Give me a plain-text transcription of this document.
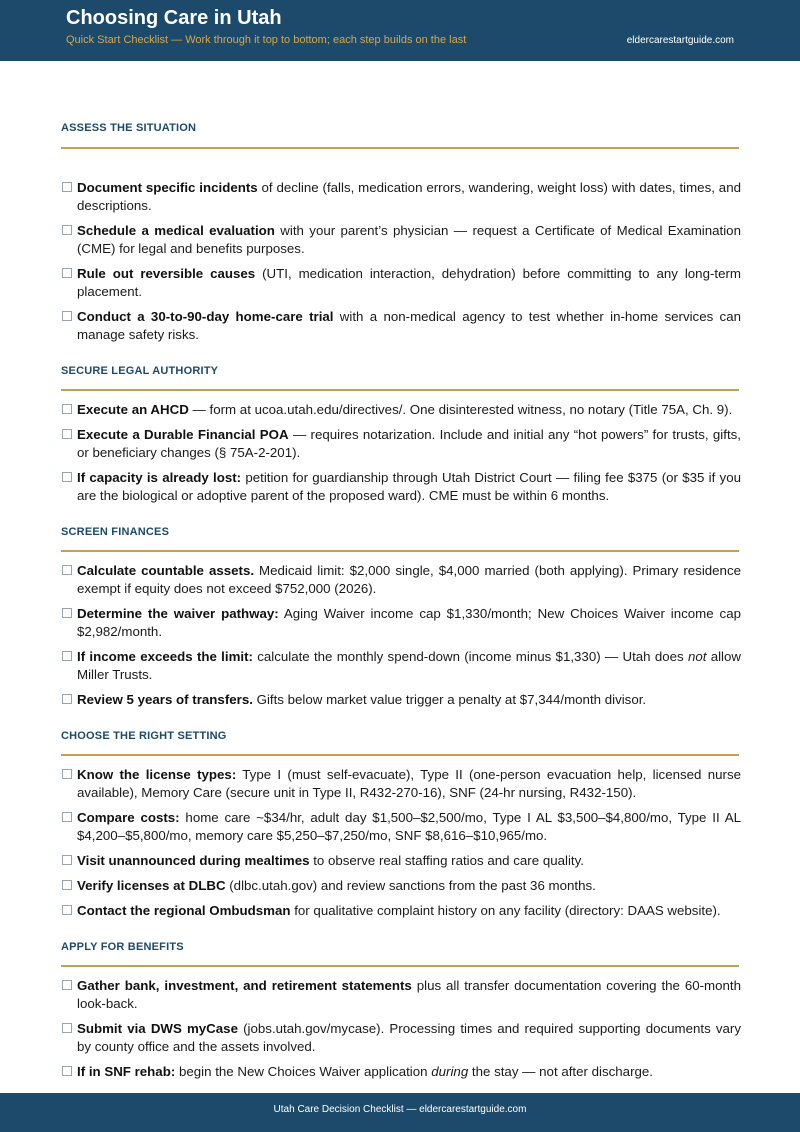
Choosing Care in Utah
Quick Start Checklist — Work through it top to bottom; each step builds on the last	eldercarestartguide.com
ASSESS THE SITUATION
Document specific incidents of decline (falls, medication errors, wandering, weight loss) with dates, times, and descriptions.
Schedule a medical evaluation with your parent’s physician — request a Certificate of Medical Examination (CME) for legal and benefits purposes.
Rule out reversible causes (UTI, medication interaction, dehydration) before committing to any long-term placement.
Conduct a 30-to-90-day home-care trial with a non-medical agency to test whether in-home services can manage safety risks.
SECURE LEGAL AUTHORITY
Execute an AHCD — form at ucoa.utah.edu/directives/. One disinterested witness, no notary (Title 75A, Ch. 9).
Execute a Durable Financial POA — requires notarization. Include and initial any “hot powers” for trusts, gifts, or beneficiary changes (§ 75A-2-201).
If capacity is already lost: petition for guardianship through Utah District Court — filing fee $375 (or $35 if you are the biological or adoptive parent of the proposed ward). CME must be within 6 months.
SCREEN FINANCES
Calculate countable assets. Medicaid limit: $2,000 single, $4,000 married (both applying). Primary residence exempt if equity does not exceed $752,000 (2026).
Determine the waiver pathway: Aging Waiver income cap $1,330/month; New Choices Waiver income cap $2,982/month.
If income exceeds the limit: calculate the monthly spend-down (income minus $1,330) — Utah does not allow Miller Trusts.
Review 5 years of transfers. Gifts below market value trigger a penalty at $7,344/month divisor.
CHOOSE THE RIGHT SETTING
Know the license types: Type I (must self-evacuate), Type II (one-person evacuation help, licensed nurse available), Memory Care (secure unit in Type II, R432-270-16), SNF (24-hr nursing, R432-150).
Compare costs: home care ~$34/hr, adult day $1,500–$2,500/mo, Type I AL $3,500–$4,800/mo, Type II AL $4,200–$5,800/mo, memory care $5,250–$7,250/mo, SNF $8,616–$10,965/mo.
Visit unannounced during mealtimes to observe real staffing ratios and care quality.
Verify licenses at DLBC (dlbc.utah.gov) and review sanctions from the past 36 months.
Contact the regional Ombudsman for qualitative complaint history on any facility (directory: DAAS website).
APPLY FOR BENEFITS
Gather bank, investment, and retirement statements plus all transfer documentation covering the 60-month look-back.
Submit via DWS myCase (jobs.utah.gov/mycase). Processing times and required supporting documents vary by county office and the assets involved.
If in SNF rehab: begin the New Choices Waiver application during the stay — not after discharge.
Utah Care Decision Checklist — eldercarestartguide.com
